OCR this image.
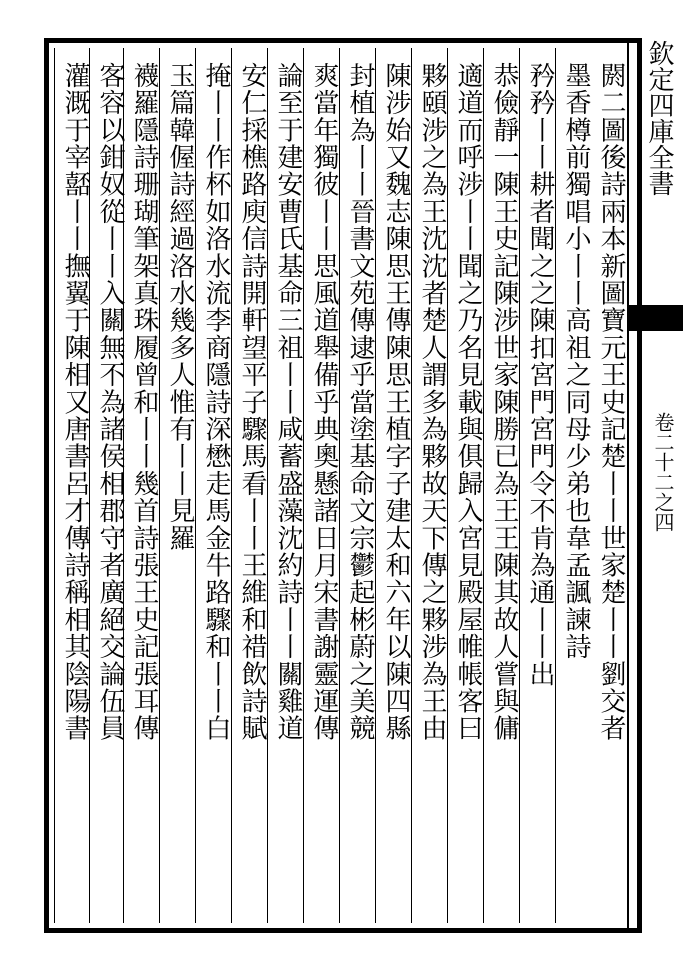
欽定四庫全書
卷二十二之四
閼二圖後詩兩本新圖寶元王史記楚丨丨世家楚丨丨劉交者
墨香樽前獨唱小丨丨高祖之同母少弟也韋孟諷諫詩
矜矜丨丨耕者聞之之陳扣宮門宮門令不肯為通丨丨出
恭儉靜一陳王史記陳涉世家陳勝已為王王陳其故人嘗與傭
適道而呼涉丨丨聞之乃名見載與俱歸入宮見殿屋帷帳客曰
夥頤涉之為王沈沈者楚人謂多為夥故天下傳之夥涉為王由
陳涉始又魏志陳思王傳陳思王植字子建太和六年以陳四縣
封植為丨丨晉書文苑傳逮乎當塗基命文宗鬱起彬蔚之美競
爽當年獨彼丨丨思風道舉備乎典奧懸諸日月宋書謝靈運傳
論至于建安曹氏基命三祖丨丨咸蓄盛藻沈約詩丨丨關雞道
安仁採樵路庾信詩開軒望平子驟馬看丨丨王維和䄍飲詩賦
掩丨丨作杯如洛水流李商隱詩深懋走馬金牛路驟和丨丨白
玉篇韓偓詩經過洛水幾多人惟有丨丨見羅
襪羅隱詩珊瑚筆架真珠履曾和丨丨幾首詩張王史記張耳傳
客容以鉗奴從丨丨入關無不為諸侯相郡守者廣絕交論伍員
灌溉于宰嚭丨丨撫翼于陳相又唐書呂才傳詩稱相其陰陽書
